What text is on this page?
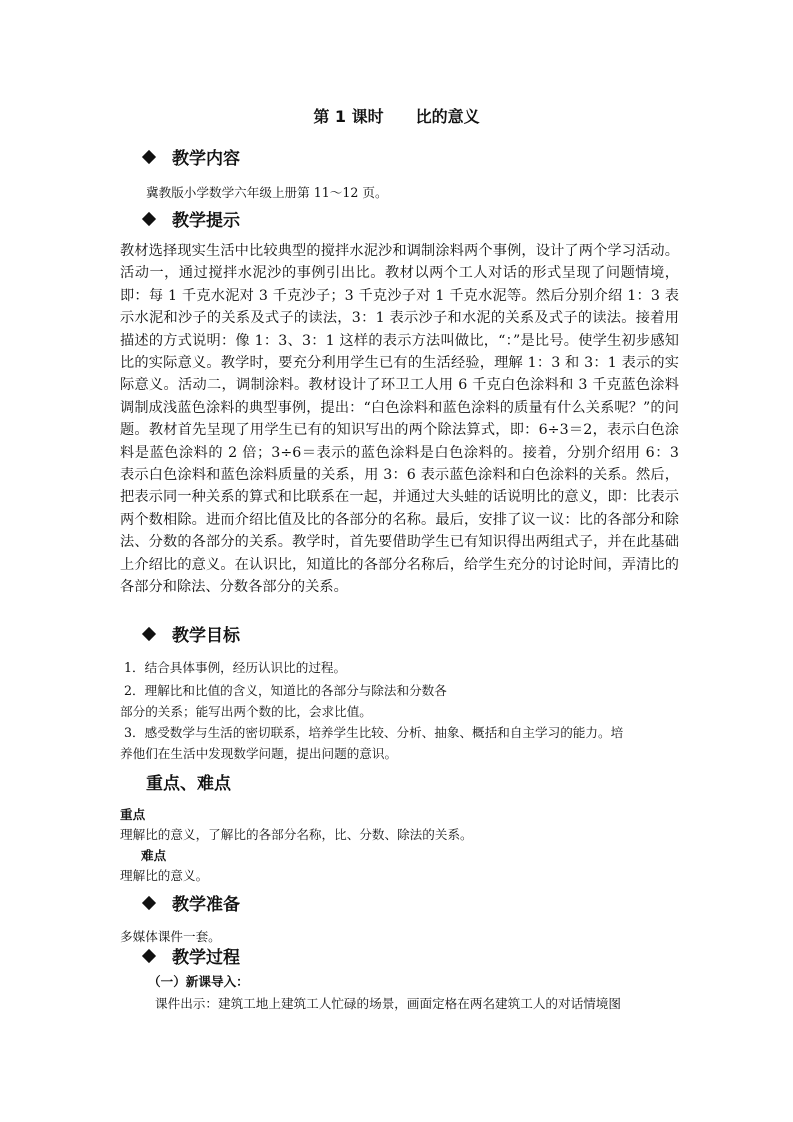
第 1 课时　　比的意义
教学内容
冀教版小学数学六年级上册第 11～12 页。
教学提示
教材选择现实生活中比较典型的搅拌水泥沙和调制涂料两个事例，设计了两个学习活动。活动一，通过搅拌水泥沙的事例引出比。教材以两个工人对话的形式呈现了问题情境，即：每 1 千克水泥对 3 千克沙子；3 千克沙子对 1 千克水泥等。然后分别介绍 1：3 表示水泥和沙子的关系及式子的读法，3：1 表示沙子和水泥的关系及式子的读法。接着用描述的方式说明：像 1：3、3：1 这样的表示方法叫做比，“：”是比号。使学生初步感知比的实际意义。教学时，要充分利用学生已有的生活经验，理解 1：3 和 3：1 表示的实际意义。活动二，调制涂料。教材设计了环卫工人用 6 千克白色涂料和 3 千克蓝色涂料调制成浅蓝色涂料的典型事例，提出：“白色涂料和蓝色涂料的质量有什么关系呢？”的问题。教材首先呈现了用学生已有的知识写出的两个除法算式，即：6÷3＝2，表示白色涂料是蓝色涂料的 2 倍；3÷6＝表示的蓝色涂料是白色涂料的。接着，分别介绍用 6：3 表示白色涂料和蓝色涂料质量的关系，用 3：6 表示蓝色涂料和白色涂料的关系。然后，把表示同一种关系的算式和比联系在一起，并通过大头蛙的话说明比的意义，即：比表示两个数相除。进而介绍比值及比的各部分的名称。最后，安排了议一议：比的各部分和除法、分数的各部分的关系。教学时，首先要借助学生已有知识得出两组式子，并在此基础上介绍比的意义。在认识比，知道比的各部分名称后，给学生充分的讨论时间，弄清比的各部分和除法、分数各部分的关系。
教学目标
1．结合具体事例，经历认识比的过程。
2．理解比和比值的含义，知道比的各部分与除法和分数各
部分的关系；能写出两个数的比，会求比值。
3．感受数学与生活的密切联系，培养学生比较、分析、抽象、概括和自主学习的能力。培
养他们在生活中发现数学问题，提出问题的意识。
重点、难点
重点
理解比的意义，了解比的各部分名称，比、分数、除法的关系。
难点
理解比的意义。
教学准备
多媒体课件一套。
教学过程
（一）新课导入：
课件出示：建筑工地上建筑工人忙碌的场景，画面定格在两名建筑工人的对话情境图
